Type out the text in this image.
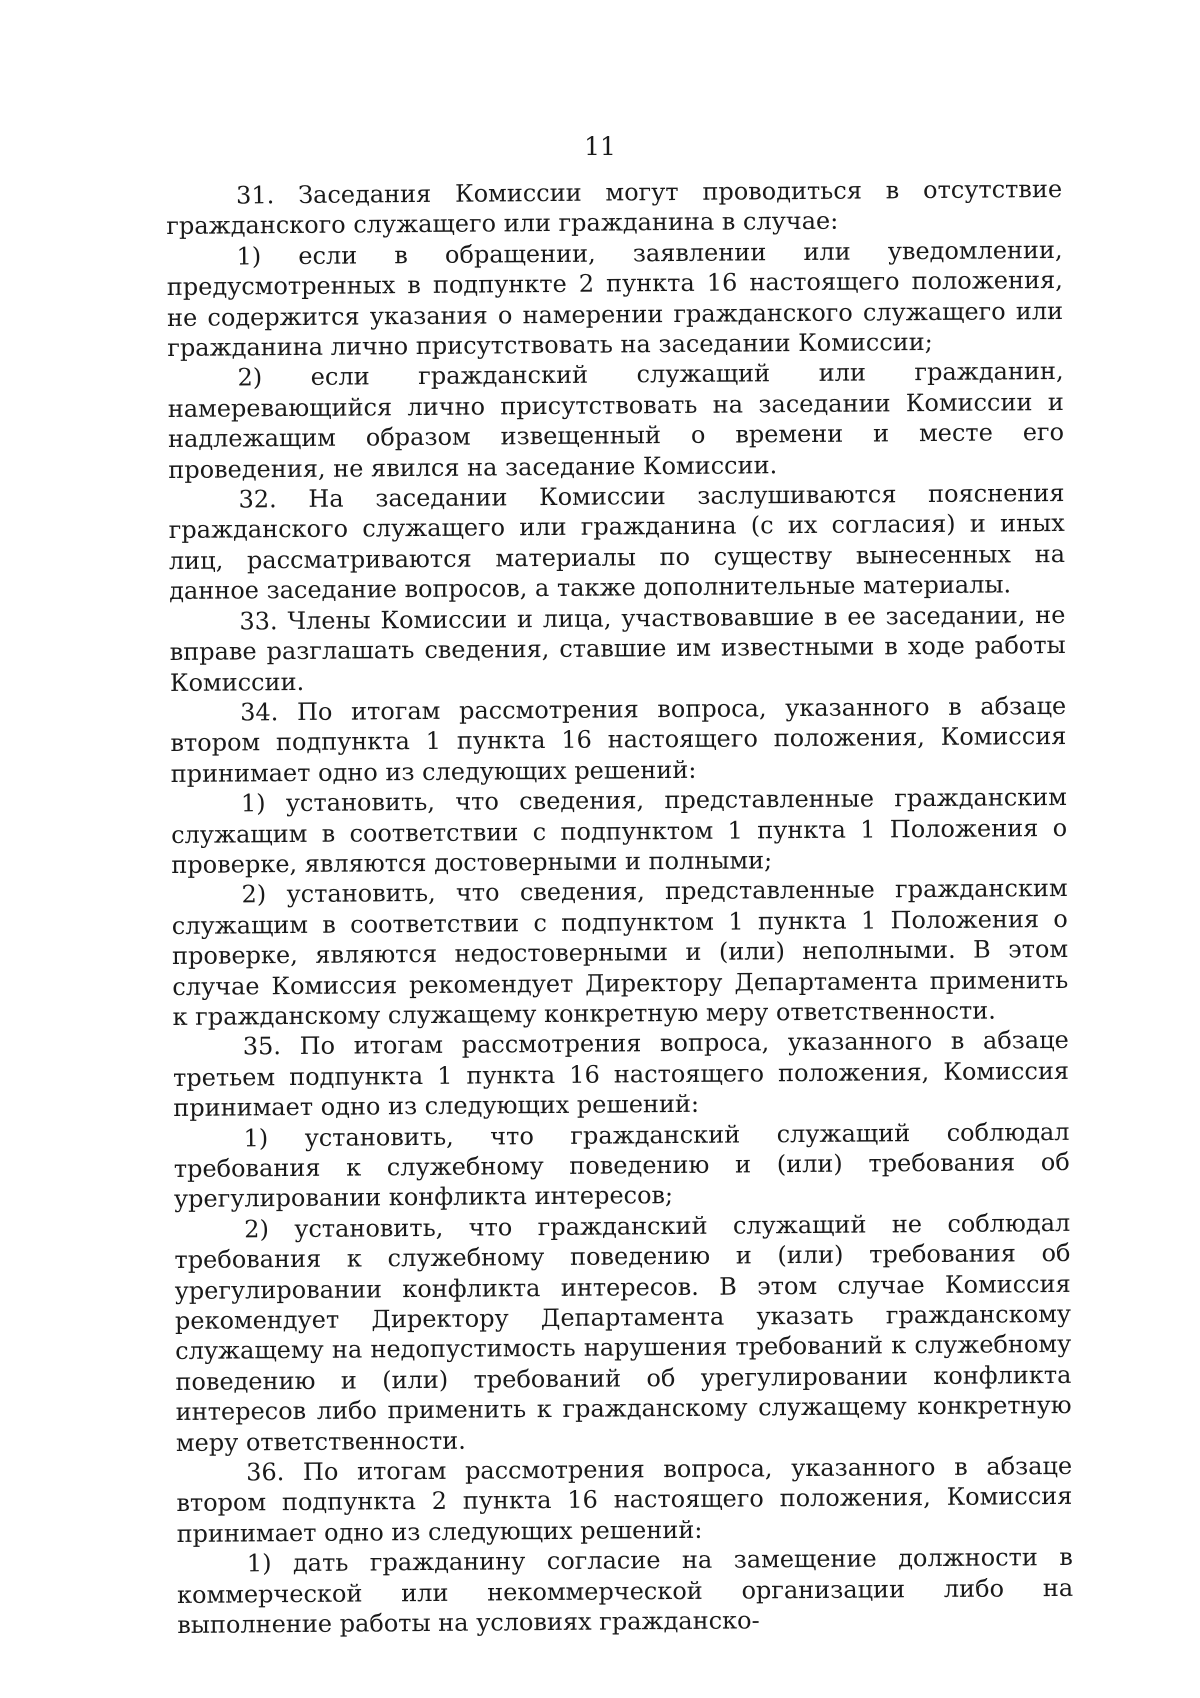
11

31. Заседания Комиссии могут проводиться в отсутствие гражданского служащего или гражданина в случае:

1) если в обращении, заявлении или уведомлении, предусмотренных в подпункте 2 пункта 16 настоящего положения, не содержится указания о намерении гражданского служащего или гражданина лично присутствовать на заседании Комиссии;

2) если гражданский служащий или гражданин, намеревающийся лично присутствовать на заседании Комиссии и надлежащим образом извещенный о времени и месте его проведения, не явился на заседание Комиссии.

32. На заседании Комиссии заслушиваются пояснения гражданского служащего или гражданина (с их согласия) и иных лиц, рассматриваются материалы по существу вынесенных на данное заседание вопросов, а также дополнительные материалы.

33. Члены Комиссии и лица, участвовавшие в ее заседании, не вправе разглашать сведения, ставшие им известными в ходе работы Комиссии.

34. По итогам рассмотрения вопроса, указанного в абзаце втором подпункта 1 пункта 16 настоящего положения, Комиссия принимает одно из следующих решений:

1) установить, что сведения, представленные гражданским служащим в соответствии с подпунктом 1 пункта 1 Положения о проверке, являются достоверными и полными;

2) установить, что сведения, представленные гражданским служащим в соответствии с подпунктом 1 пункта 1 Положения о проверке, являются недостоверными и (или) неполными. В этом случае Комиссия рекомендует Директору Департамента применить к гражданскому служащему конкретную меру ответственности.

35. По итогам рассмотрения вопроса, указанного в абзаце третьем подпункта 1 пункта 16 настоящего положения, Комиссия принимает одно из следующих решений:

1) установить, что гражданский служащий соблюдал требования к служебному поведению и (или) требования об урегулировании конфликта интересов;

2) установить, что гражданский служащий не соблюдал требования к служебному поведению и (или) требования об урегулировании конфликта интересов. В этом случае Комиссия рекомендует Директору Департамента указать гражданскому служащему на недопустимость нарушения требований к служебному поведению и (или) требований об урегулировании конфликта интересов либо применить к гражданскому служащему конкретную меру ответственности.

36. По итогам рассмотрения вопроса, указанного в абзаце втором подпункта 2 пункта 16 настоящего положения, Комиссия принимает одно из следующих решений:

1) дать гражданину согласие на замещение должности в коммерческой или некоммерческой организации либо на выполнение работы на условиях гражданско-
